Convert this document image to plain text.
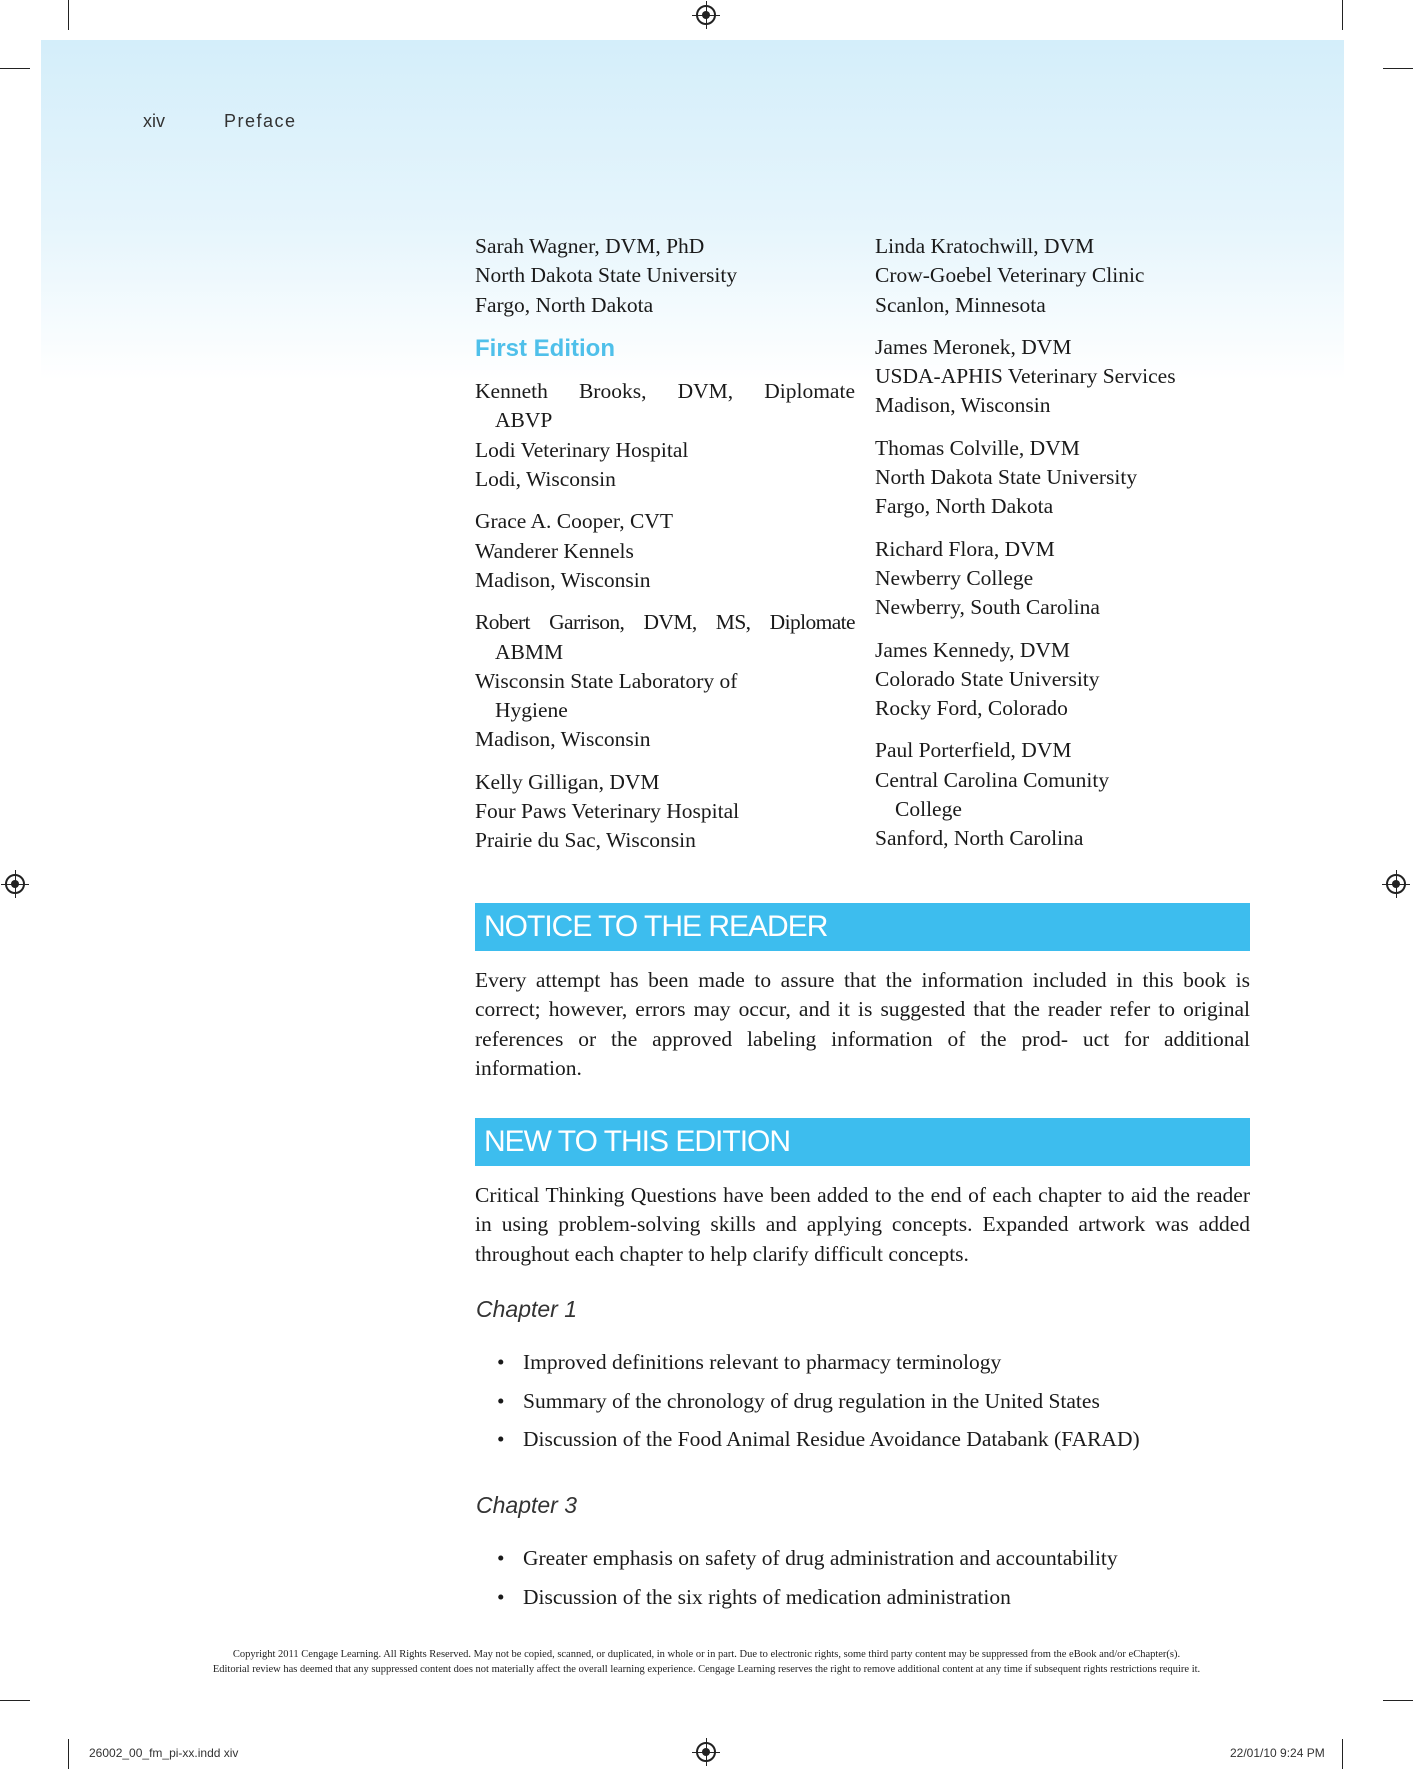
xiv	Preface
Sarah Wagner, DVM, PhD
North Dakota State University
Fargo, North Dakota
First Edition
Kenneth Brooks, DVM, Diplomate
ABVP
Lodi Veterinary Hospital
Lodi, Wisconsin
Grace A. Cooper, CVT
Wanderer Kennels
Madison, Wisconsin
Robert Garrison, DVM, MS, Diplomate
ABMM
Wisconsin State Laboratory of
Hygiene
Madison, Wisconsin
Kelly Gilligan, DVM
Four Paws Veterinary Hospital
Prairie du Sac, Wisconsin
Linda Kratochwill, DVM
Crow-Goebel Veterinary Clinic
Scanlon, Minnesota
James Meronek, DVM
USDA-APHIS Veterinary Services
Madison, Wisconsin
Thomas Colville, DVM
North Dakota State University
Fargo, North Dakota
Richard Flora, DVM
Newberry College
Newberry, South Carolina
James Kennedy, DVM
Colorado State University
Rocky Ford, Colorado
Paul Porterfield, DVM
Central Carolina Comunity
College
Sanford, North Carolina
NOTICE TO THE READER
Every attempt has been made to assure that the information included in this book is correct; however, errors may occur, and it is suggested that the reader refer to original references or the approved labeling information of the prod- uct for additional information.
NEW TO THIS EDITION
Critical Thinking Questions have been added to the end of each chapter to aid the reader in using problem-solving skills and applying concepts. Expanded artwork was added throughout each chapter to help clarify difficult concepts.
Chapter 1
• Improved definitions relevant to pharmacy terminology
• Summary of the chronology of drug regulation in the United States
• Discussion of the Food Animal Residue Avoidance Databank (FARAD)
Chapter 3
• Greater emphasis on safety of drug administration and accountability
• Discussion of the six rights of medication administration
Copyright 2011 Cengage Learning. All Rights Reserved. May not be copied, scanned, or duplicated, in whole or in part. Due to electronic rights, some third party content may be suppressed from the eBook and/or eChapter(s).
Editorial review has deemed that any suppressed content does not materially affect the overall learning experience. Cengage Learning reserves the right to remove additional content at any time if subsequent rights restrictions require it.
26002_00_fm_pi-xx.indd xiv	22/01/10 9:24 PM
